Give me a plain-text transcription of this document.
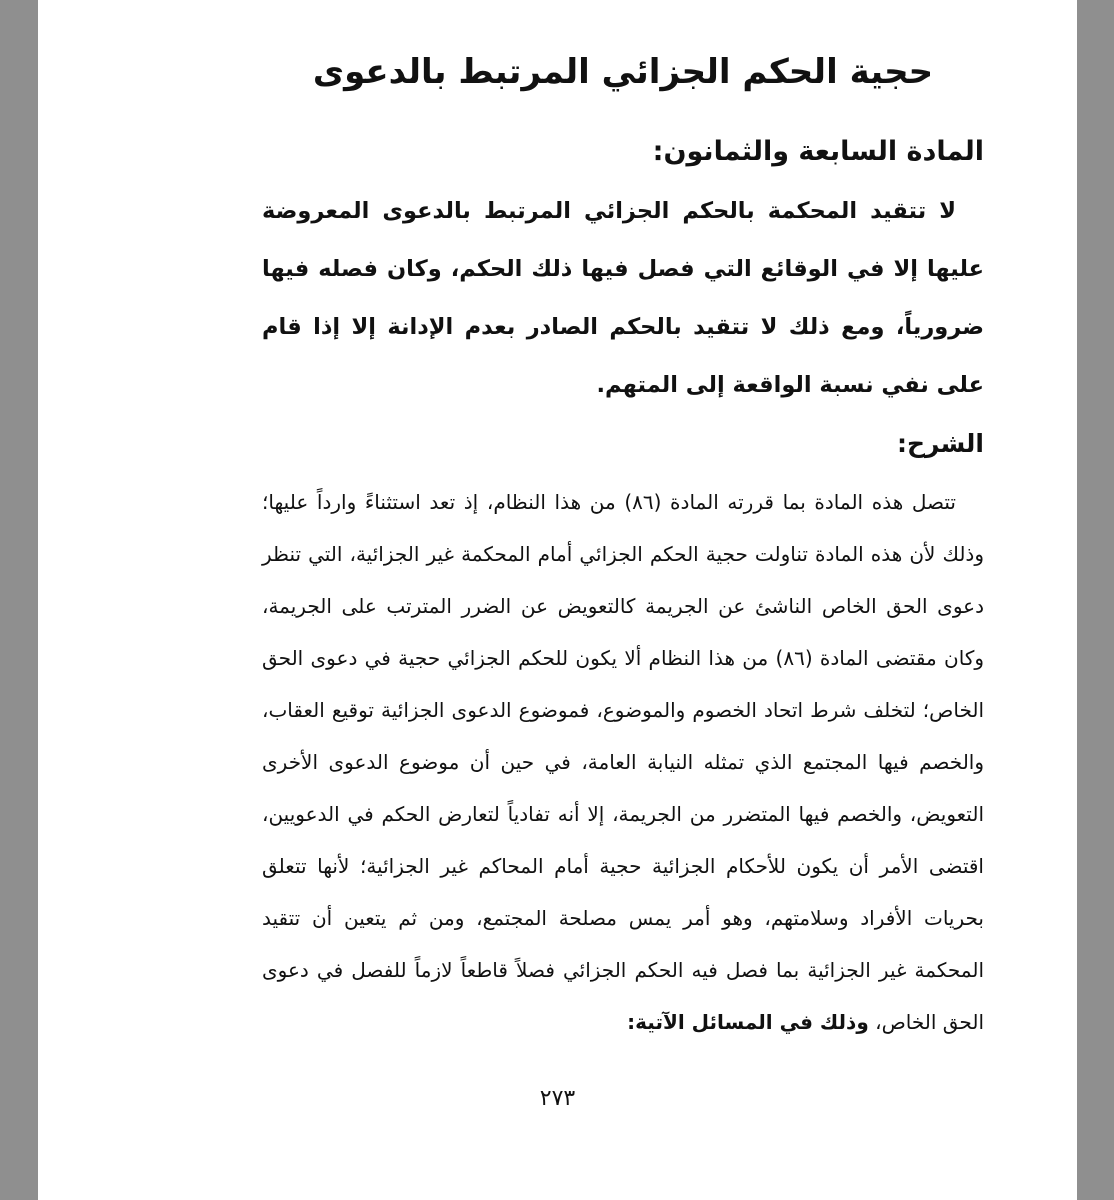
حجية الحكم الجزائي المرتبط بالدعوى
المادة السابعة والثمانون:

لا تتقيد المحكمة بالحكم الجزائي المرتبط بالدعوى المعروضة عليها إلا في الوقائع التي فصل فيها ذلك الحكم، وكان فصله فيها ضرورياً، ومع ذلك لا تتقيد بالحكم الصادر بعدم الإدانة إلا إذا قام على نفي نسبة الواقعة إلى المتهم.

الشرح:

تتصل هذه المادة بما قررته المادة (٨٦) من هذا النظام، إذ تعد استثناءً وارداً عليها؛ وذلك لأن هذه المادة تناولت حجية الحكم الجزائي أمام المحكمة غير الجزائية، التي تنظر دعوى الحق الخاص الناشئ عن الجريمة كالتعويض عن الضرر المترتب على الجريمة، وكان مقتضى المادة (٨٦) من هذا النظام ألا يكون للحكم الجزائي حجية في دعوى الحق الخاص؛ لتخلف شرط اتحاد الخصوم والموضوع، فموضوع الدعوى الجزائية توقيع العقاب، والخصم فيها المجتمع الذي تمثله النيابة العامة، في حين أن موضوع الدعوى الأخرى التعويض، والخصم فيها المتضرر من الجريمة، إلا أنه تفادياً لتعارض الحكم في الدعويين، اقتضى الأمر أن يكون للأحكام الجزائية حجية أمام المحاكم غير الجزائية؛ لأنها تتعلق بحريات الأفراد وسلامتهم، وهو أمر يمس مصلحة المجتمع، ومن ثم يتعين أن تتقيد المحكمة غير الجزائية بما فصل فيه الحكم الجزائي فصلاً قاطعاً لازماً للفصل في دعوى الحق الخاص، وذلك في المسائل الآتية:

٢٧٣
